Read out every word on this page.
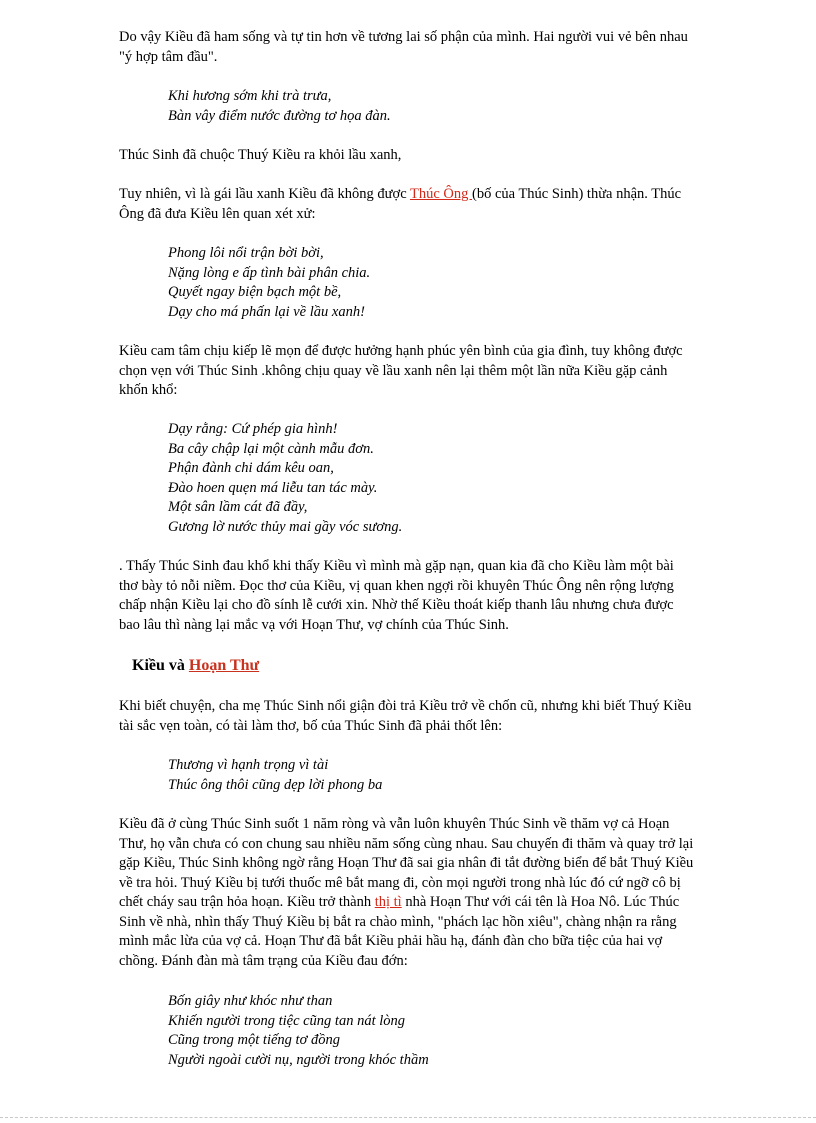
Do vậy Kiều đã ham sống và tự tin hơn về tương lai số phận của mình. Hai người vui vẻ bên nhau
"ý hợp tâm đầu".
Khi hương sớm khi trà trưa,
Bàn vây điểm nước đường tơ họa đàn.
Thúc Sinh đã chuộc Thuý Kiều ra khỏi lầu xanh,
Tuy nhiên, vì là gái lầu xanh Kiều đã không được Thúc Ông (bố của Thúc Sinh) thừa nhận. Thúc
Ông đã đưa Kiều lên quan xét xử:
Phong lôi nổi trận bời bời,
Nặng lòng e ấp tình bài phân chia.
Quyết ngay biện bạch một bề,
Dạy cho má phấn lại về lầu xanh!
Kiều cam tâm chịu kiếp lẽ mọn để được hưởng hạnh phúc yên bình của gia đình, tuy không được
chọn vẹn với Thúc Sinh .không chịu quay về lầu xanh nên lại thêm một lần nữa Kiều gặp cảnh
khốn khổ:
Dạy rằng: Cứ phép gia hình!
Ba cây chập lại một cành mẫu đơn.
Phận đành chi dám kêu oan,
Đào hoen quẹn má liễu tan tác mày.
Một sân lầm cát đã đầy,
Gương lờ nước thủy mai gầy vóc sương.
. Thấy Thúc Sinh đau khổ khi thấy Kiều vì mình mà gặp nạn, quan kia đã cho Kiều làm một bài
thơ bày tỏ nỗi niềm. Đọc thơ của Kiều, vị quan khen ngợi rồi khuyên Thúc Ông nên rộng lượng
chấp nhận Kiều lại cho đồ sính lễ cưới xin. Nhờ thế Kiều thoát kiếp thanh lâu nhưng chưa được
bao lâu thì nàng lại mắc vạ với Hoạn Thư, vợ chính của Thúc Sinh.
Kiều và Hoạn Thư
Khi biết chuyện, cha mẹ Thúc Sinh nổi giận đòi trả Kiều trở về chốn cũ, nhưng khi biết Thuý Kiều
tài sắc vẹn toàn, có tài làm thơ, bố của Thúc Sinh đã phải thốt lên:
Thương vì hạnh trọng vì tài
Thúc ông thôi cũng dẹp lời phong ba
Kiều đã ở cùng Thúc Sinh suốt 1 năm ròng và vẫn luôn khuyên Thúc Sinh về thăm vợ cả Hoạn
Thư, họ vẫn chưa có con chung sau nhiều năm sống cùng nhau. Sau chuyến đi thăm và quay trở lại
gặp Kiều, Thúc Sinh không ngờ rằng Hoạn Thư đã sai gia nhân đi tắt đường biển để bắt Thuý Kiều
về tra hỏi. Thuý Kiều bị tưới thuốc mê bắt mang đi, còn mọi người trong nhà lúc đó cứ ngỡ cô bị
chết cháy sau trận hỏa hoạn. Kiều trở thành thị tì nhà Hoạn Thư với cái tên là Hoa Nô. Lúc Thúc
Sinh về nhà, nhìn thấy Thuý Kiều bị bắt ra chào mình, "phách lạc hồn xiêu", chàng nhận ra rằng
mình mắc lừa của vợ cả. Hoạn Thư đã bắt Kiều phải hầu hạ, đánh đàn cho bữa tiệc của hai vợ
chồng. Đánh đàn mà tâm trạng của Kiều đau đớn:
Bốn giây như khóc như than
Khiến người trong tiệc cũng tan nát lòng
Cũng trong một tiếng tơ đồng
Người ngoài cười nụ, người trong khóc thầm
